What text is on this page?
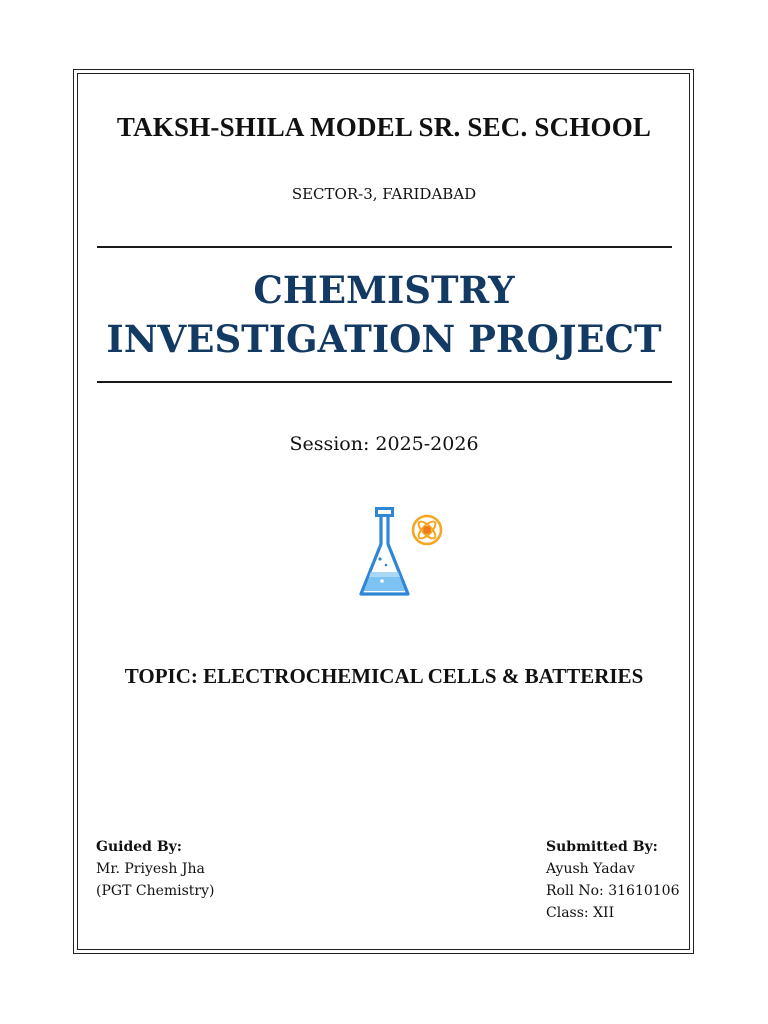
TAKSH-SHILA MODEL SR. SEC. SCHOOL
SECTOR-3, FARIDABAD
CHEMISTRY
INVESTIGATION PROJECT
Session: 2025-2026
TOPIC: ELECTROCHEMICAL CELLS & BATTERIES
Guided By:
Mr. Priyesh Jha
(PGT Chemistry)
Submitted By:
Ayush Yadav
Roll No: 31610106
Class: XII
